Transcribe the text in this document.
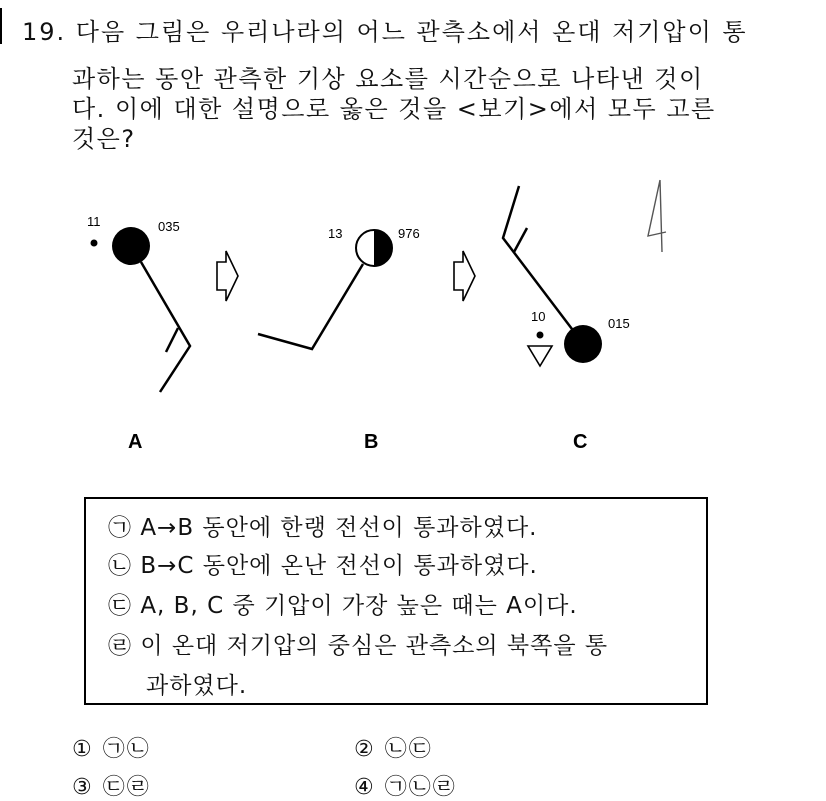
19. 다음 그림은 우리나라의 어느 관측소에서 온대 저기압이 통
과하는 동안 관측한 기상 요소를 시간순으로 나타낸 것이
다. 이에 대한 설명으로 옳은 것을 <보기>에서 모두 고른
것은?
11	035
A
13	976
B
015
10
C
㉠ A→B 동안에 한랭 전선이 통과하였다.
㉡ B→C 동안에 온난 전선이 통과하였다.
㉢ A, B, C 중 기압이 가장 높은 때는 A이다.
㉣ 이 온대 저기압의 중심은 관측소의 북쪽을 통
과하였다.
① ㉠㉡	② ㉡㉢
③ ㉢㉣	④ ㉠㉡㉣
